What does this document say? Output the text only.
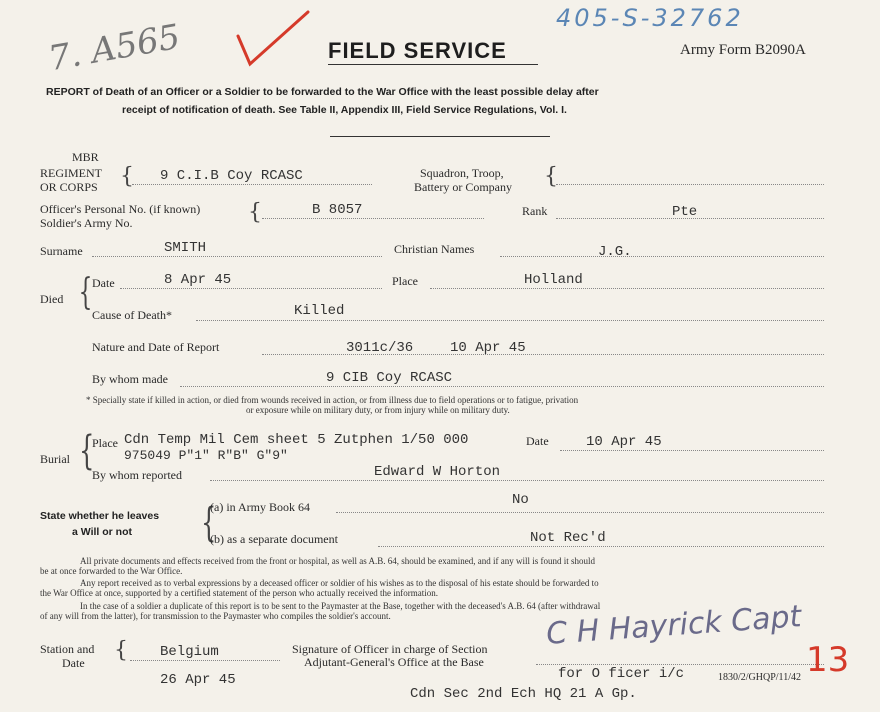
7. A565	405-S-32762
FIELD SERVICE	Army Form B2090A
REPORT of Death of an Officer or a Soldier to be forwarded to the War Office with the least possible delay after
receipt of notification of death. See Table II, Appendix III, Field Service Regulations, Vol. I.
MBR
REGIMENT
OR CORPS { 9 C.I.B Coy RCASC	Squadron, Troop,
Battery or Company {
Officer's Personal No. (if known)
Soldier's Army No.	{	B 8057	Rank	Pte
Surname	SMITH	Christian Names	J.G.
Died { Date	8 Apr 45	Place	Holland
Cause of Death*	Killed
Nature and Date of Report	3011c/36	10 Apr 45
By whom made	9 CIB Coy RCASC
* Specially state if killed in action, or died from wounds received in action, or from illness due to field operations or to fatigue, privation
or exposure while on military duty, or from injury while on military duty.
Burial {
Place Cdn Temp Mil Cem sheet 5 Zutphen 1/50 000	Date	10 Apr 45
975049 P"1" R"B" G"9"
By whom reported	Edward W Horton
State whether he leaves
a Will or not {
(a) in Army Book 64	No
(b) as a separate document	Not Rec'd
All private documents and effects received from the front or hospital, as well as A.B. 64, should be examined, and if any will is found it should
be at once forwarded to the War Office.
Any report received as to verbal expressions by a deceased officer or soldier of his wishes as to the disposal of his estate should be forwarded to
the War Office at once, supported by a certified statement of the person who actually received the information.
In the case of a soldier a duplicate of this report is to be sent to the Paymaster at the Base, together with the deceased's A.B. 64 (after withdrawal
of any will from the latter), for transmission to the Paymaster who compiles the soldier's account.
Station and
Date { Belgium
26 Apr 45
Signature of Officer in charge of Section
Adjutant-General's Office at the Base
C H Hayrick Capt
for O ficer i/c	1830/2/GHQP/11/42 13
Cdn Sec 2nd Ech HQ 21 A Gp.
